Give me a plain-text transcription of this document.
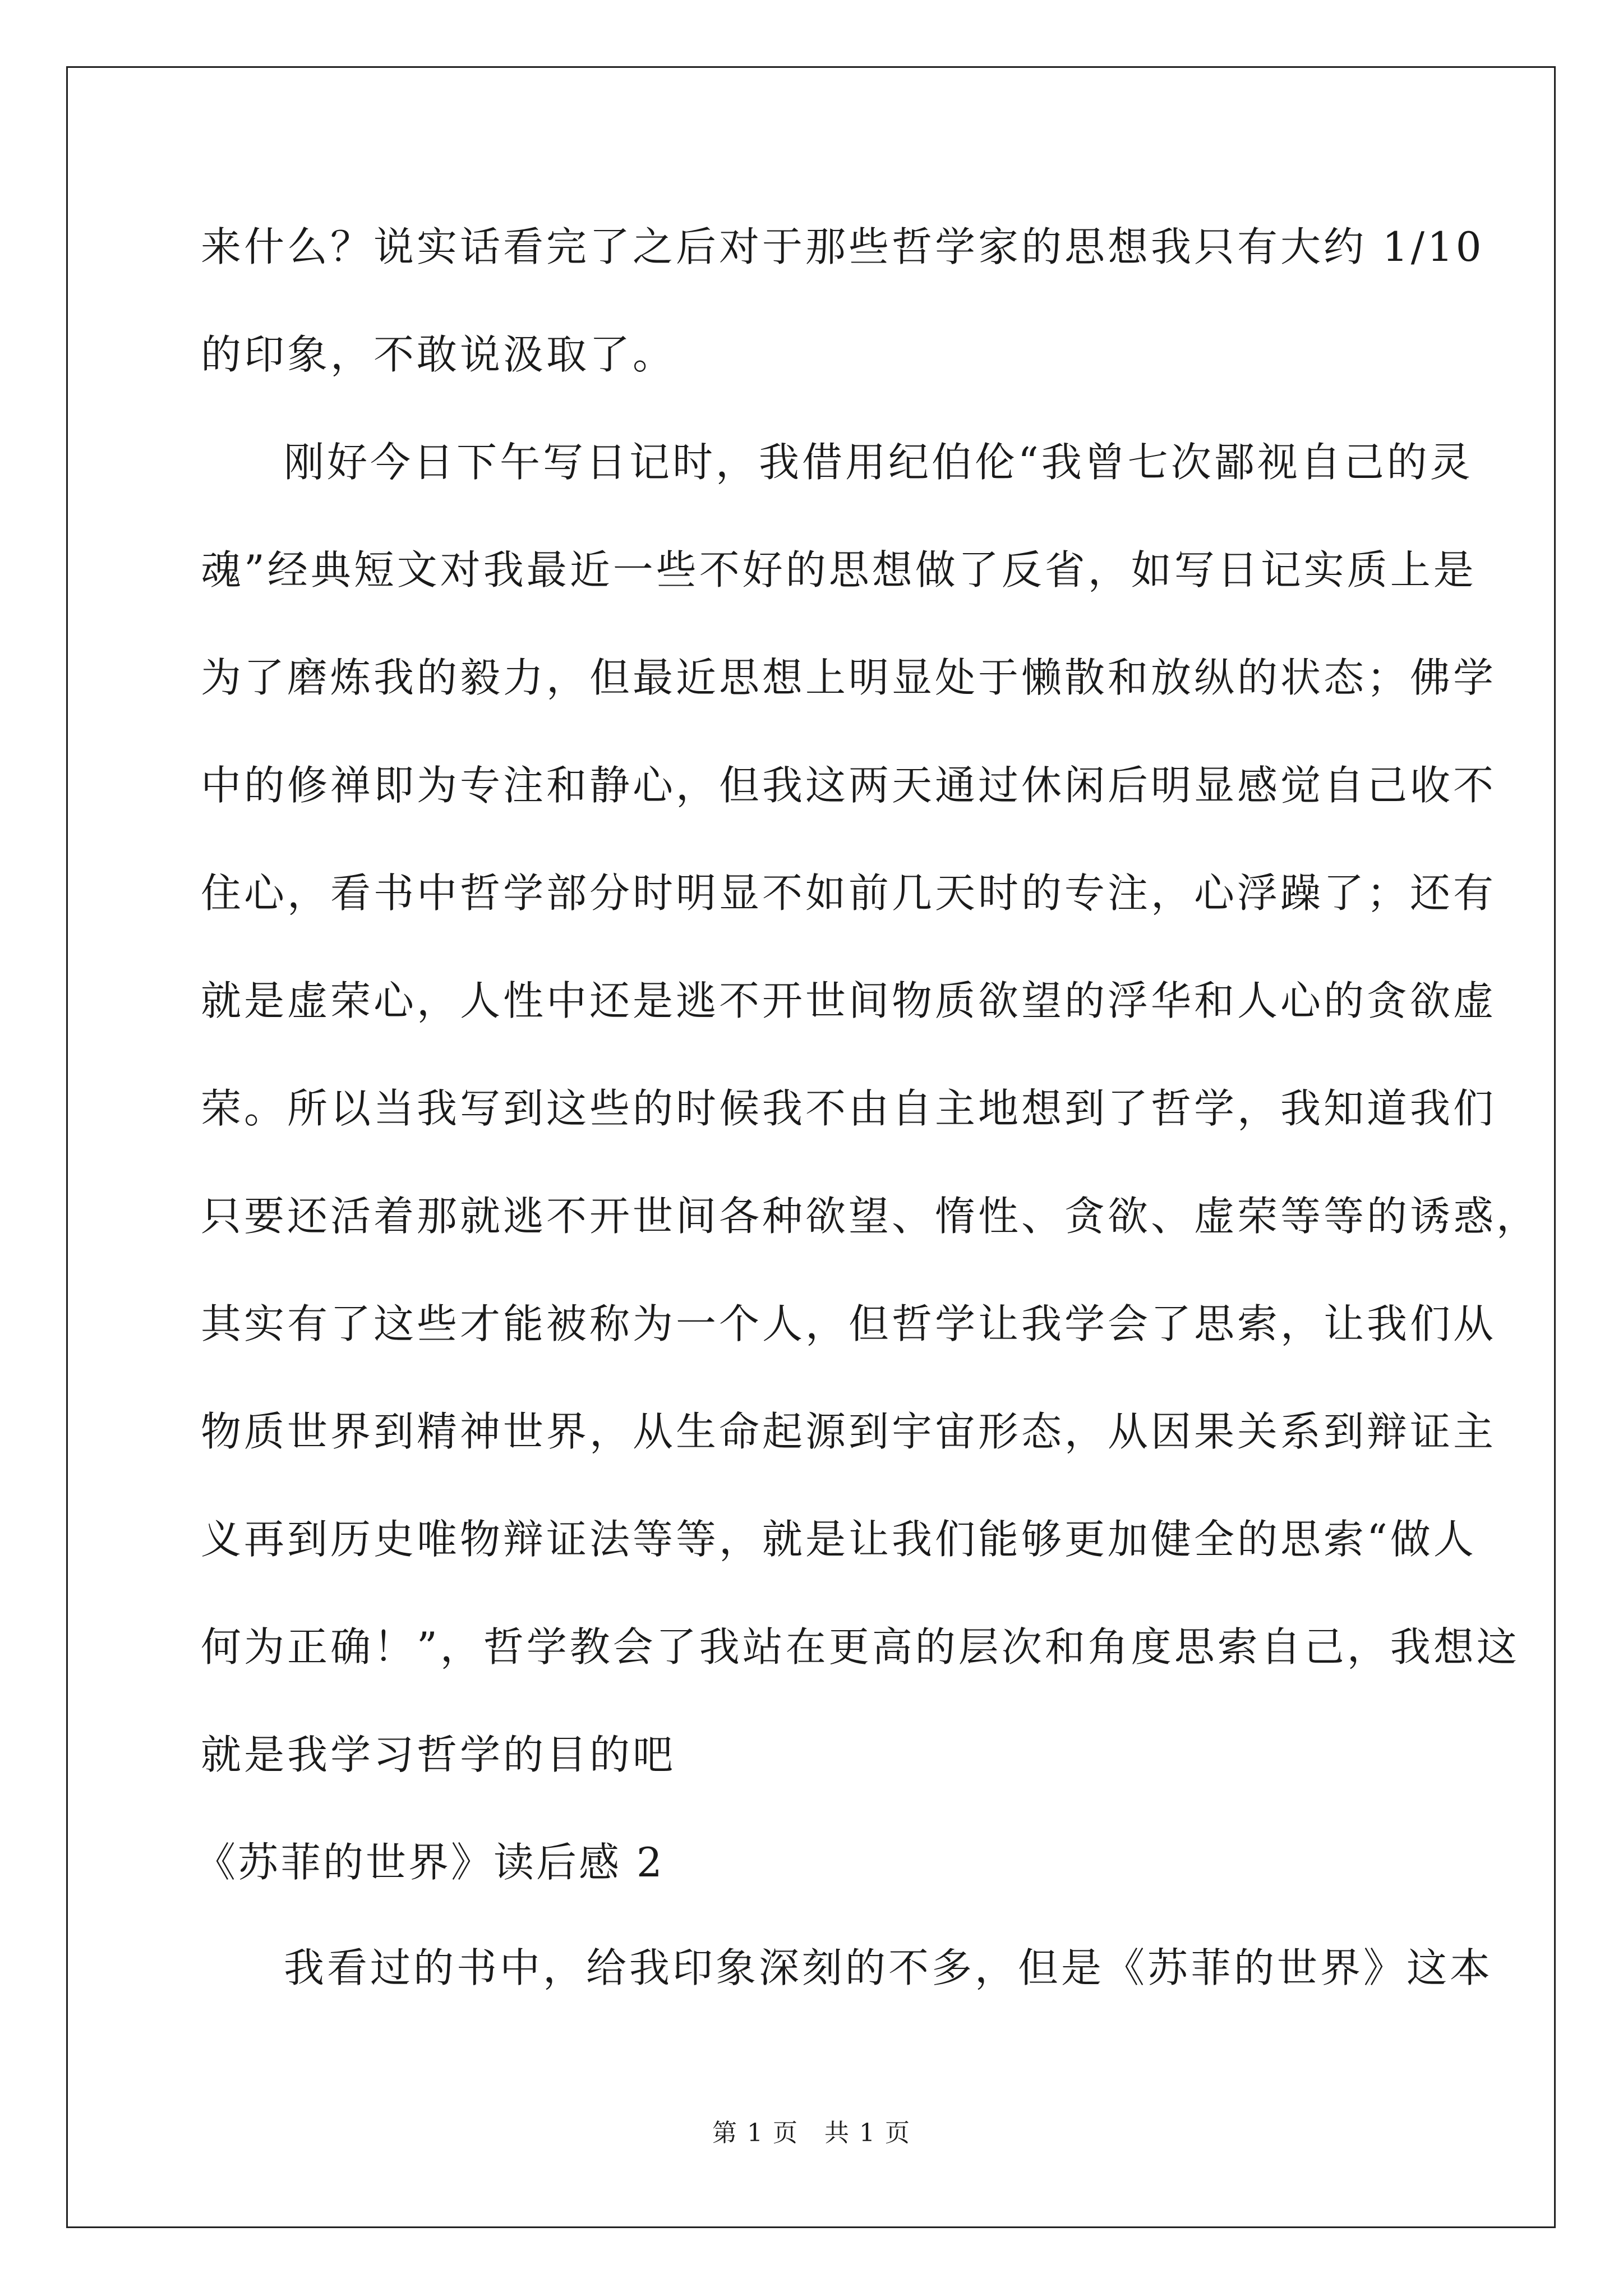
来什么？说实话看完了之后对于那些哲学家的思想我只有大约 1/10
的印象，不敢说汲取了。
刚好今日下午写日记时，我借用纪伯伦“我曾七次鄙视自己的灵
魂”经典短文对我最近一些不好的思想做了反省，如写日记实质上是
为了磨炼我的毅力，但最近思想上明显处于懒散和放纵的状态；佛学
中的修禅即为专注和静心，但我这两天通过休闲后明显感觉自己收不
住心，看书中哲学部分时明显不如前几天时的专注，心浮躁了；还有
就是虚荣心，人性中还是逃不开世间物质欲望的浮华和人心的贪欲虚
荣。所以当我写到这些的时候我不由自主地想到了哲学，我知道我们
只要还活着那就逃不开世间各种欲望、惰性、贪欲、虚荣等等的诱惑，
其实有了这些才能被称为一个人，但哲学让我学会了思索，让我们从
物质世界到精神世界，从生命起源到宇宙形态，从因果关系到辩证主
义再到历史唯物辩证法等等，就是让我们能够更加健全的思索“做人
何为正确！”，哲学教会了我站在更高的层次和角度思索自己，我想这
就是我学习哲学的目的吧
《苏菲的世界》读后感 2
我看过的书中，给我印象深刻的不多，但是《苏菲的世界》这本
第 1 页　共 1 页
